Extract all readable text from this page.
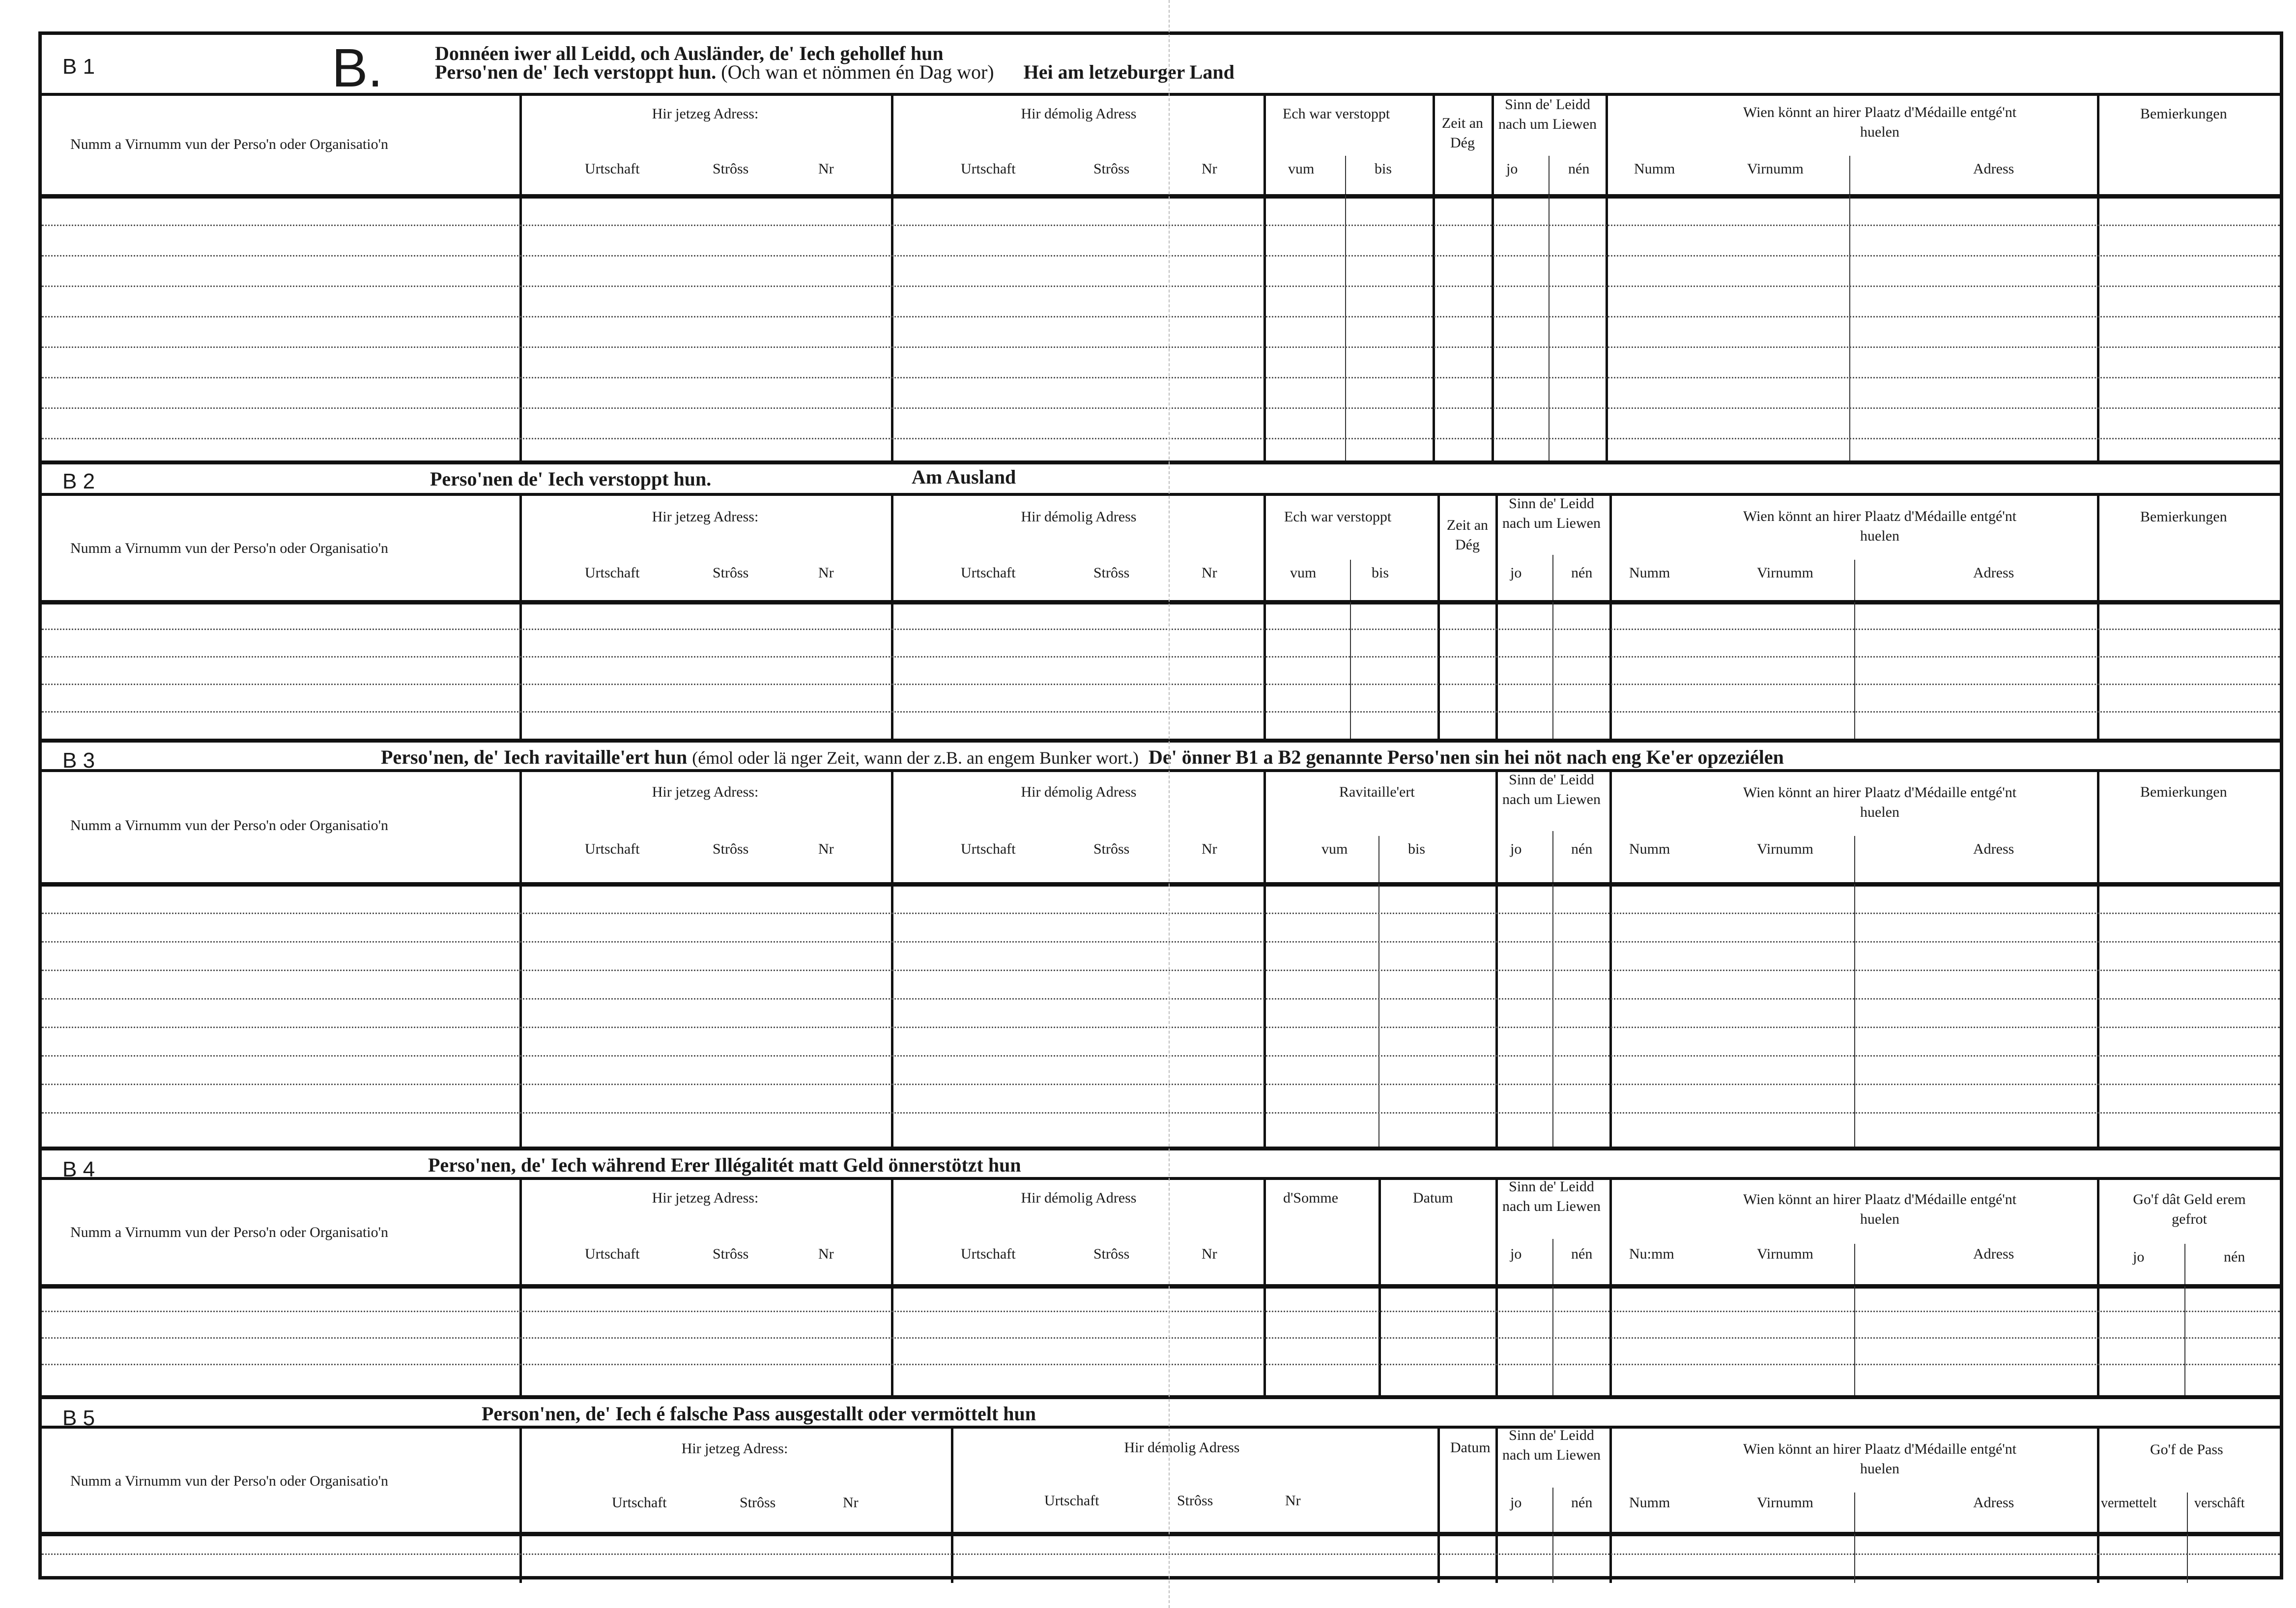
B 1	B.	Donnéen iwer all Leidd, och Ausländer, de' Iech gehollef hun
Perso'nen de' Iech verstoppt hun. (Och wan et nömmen én Dag wor) Hei am letzeburger Land
Numm a Virnumm vun der Perso'n oder Organisatio'n
Hir jetzeg Adress:
Urtschaft	Strôss	Nr
Hir démolig Adress
Urtschaft	Strôss	Nr
Ech war verstoppt
vum	bis
Zeit an Dég
Sinn de' Leidd nach um Liewen
jo	nén
Wien könnt an hirer Plaatz d'Médaille entgé'nt huelen
Numm	Virnumm	Adress
Bemierkungen
B 2	Perso'nen de' Iech verstoppt hun.	Am Ausland
Numm a Virnumm vun der Perso'n oder Organisatio'n
Hir jetzeg Adress:
Urtschaft	Strôss	Nr
Hir démolig Adress
Urtschaft	Strôss	Nr
Ech war verstoppt
vum	bis
Zeit an Dég
Sinn de' Leidd nach um Liewen
jo	nén
Wien könnt an hirer Plaatz d'Médaille entgé'nt huelen
Numm	Virnumm	Adress
Bemierkungen
B 3	Perso'nen, de' Iech ravitaille'ert hun (émol oder lä nger Zeit, wann der z.B. an engem Bunker wort.) De' önner B1 a B2 genannte Perso'nen sin hei nöt nach eng Ke'er opzeziélen
Numm a Virnumm vun der Perso'n oder Organisatio'n
Hir jetzeg Adress:
Urtschaft	Strôss	Nr
Hir démolig Adress
Urtschaft	Strôss	Nr
Ravitaille'ert
vum	bis
Sinn de' Leidd nach um Liewen
jo	nén
Wien könnt an hirer Plaatz d'Médaille entgé'nt huelen
Numm	Virnumm	Adress
Bemierkungen
B 4	Perso'nen, de' Iech während Erer Illégalitét matt Geld önnerstötzt hun
Numm a Virnumm vun der Perso'n oder Organisatio'n
Hir jetzeg Adress:
Urtschaft	Strôss	Nr
Hir démolig Adress
Urtschaft	Strôss	Nr
d'Somme	Datum
Sinn de' Leidd nach um Liewen
jo	nén
Wien könnt an hirer Plaatz d'Médaille entgé'nt huelen
Nu:mm	Virnumm	Adress
Go'f dât Geld erem gefrot
jo	nén
B 5	Person'nen, de' Iech é falsche Pass ausgestallt oder vermöttelt hun
Numm a Virnumm vun der Perso'n oder Organisatio'n
Hir jetzeg Adress:
Urtschaft	Strôss	Nr
Hir démolig Adress
Urtschaft	Strôss	Nr
Datum
Sinn de' Leidd nach um Liewen
jo	nén
Wien könnt an hirer Plaatz d'Médaille entgé'nt huelen
Numm	Virnumm	Adress
Go'f de Pass
vermettelt	verschâft
